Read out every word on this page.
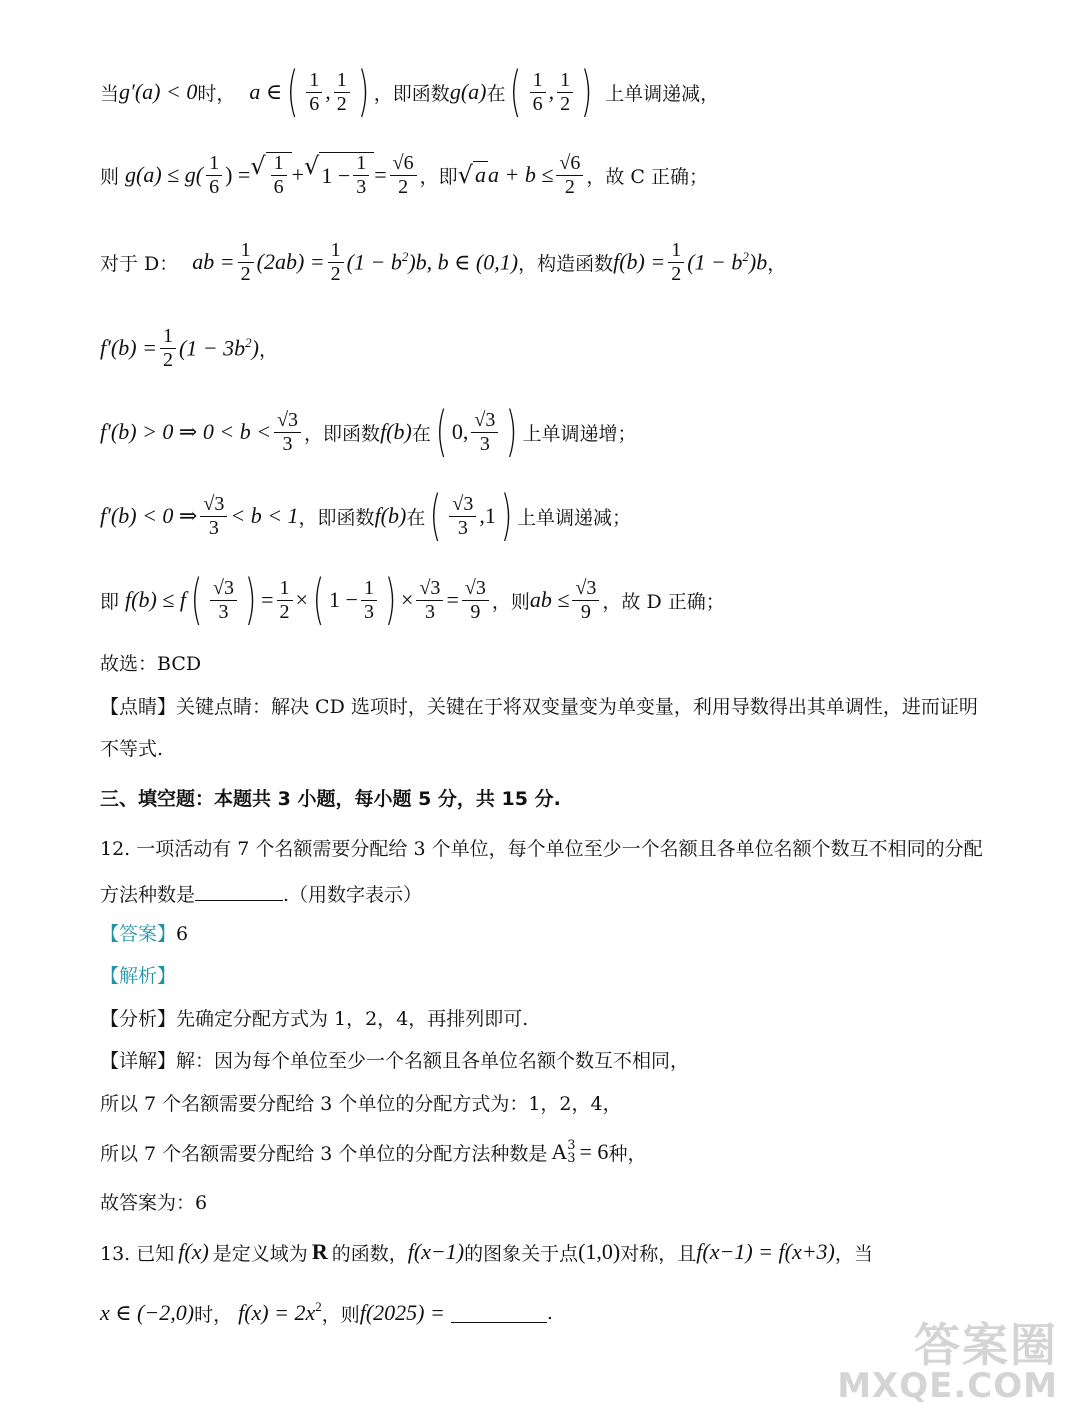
当 g′(a) < 0 时， a ∈ ( $\frac{1}{6}$ , $\frac{1}{2}$ ) ，即函数 g(a) 在 ( $\frac{1}{6}$ , $\frac{1}{2}$ ) 上单调递减，
则 $g(a) \le g( \frac{1}{6}$ ) = √ $\frac{1}{6}$ + √ $1 - \frac{1}{3} = \frac{√6}{2}$ ，即 √ a $a + b \le \frac{√6}{2}$ ，故 C 正确；
对于 D： ab = $\frac{1}{2} (2ab) = \frac{1}{2} (1 - b^2)b$, b ∈ (0,1) ，构造函数 $f(b) = \frac{1}{2} (1 - b^2)b$ ，
$f'(b) = \frac{1}{2} (1 - 3b^2)$ ，
f′(b) > 0 ⇒ $0 < b < \frac{√3}{3}$ ，即函数 f(b) 在 ( 0, $\frac{√3}{3}$ ) 上单调递增；
f′(b) < 0 ⇒ $\frac{√3}{3} < b < 1$ ，即函数 f(b) 在 ( $\frac{√3}{3} ,1$ ) 上单调递减；
即 f(b) ≤ f ( $\frac{√3}{3}$ ) = $\frac{1}{2}$ × ( $1 - \frac{1}{3}$ ) × $\frac{√3}{3} = \frac{√3}{9}$ ，则 ab ≤ $\frac{√3}{9}$ ，故 D 正确；
故选：BCD
【点睛】关键点睛：解决 CD 选项时，关键在于将双变量变为单变量，利用导数得出其单调性，进而证明
不等式.
三、填空题：本题共 3 小题，每小题 5 分，共 15 分.
12. 一项活动有 7 个名额需要分配给 3 个单位，每个单位至少一个名额且各单位名额个数互不相同的分配
方法种数是	.（用数字表示）
【答案】6
【解析】
【分析】先确定分配方式为 1，2，4，再排列即可.
【详解】解：因为每个单位至少一个名额且各单位名额个数互不相同，
所以 7 个名额需要分配给 3 个单位的分配方式为：1，2，4，
所以 7 个名额需要分配给 3 个单位的分配方法种数是 A 3
3 = 6 种，
故答案为：6
13. 已知 f(x) 是定义域为 R 的函数， f(x−1) 的图象关于点 (1,0) 对称，且 f(x−1) = f(x+3) ，当
x ∈ (−2,0) 时， $f(x) = 2x^2$ ，则 f(2025) =	.
答案圈
MXQE.COM
